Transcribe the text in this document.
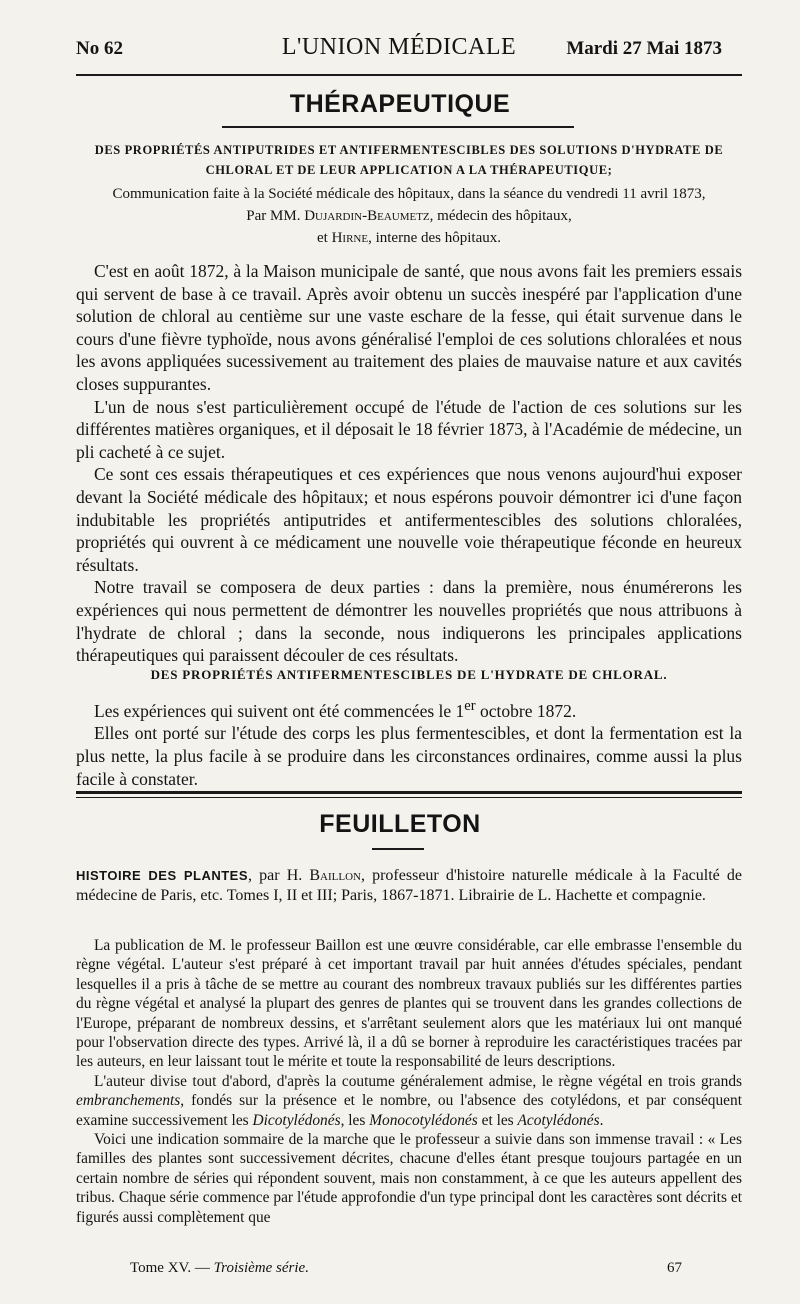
No 62	L'UNION MÉDICALE	Mardi 27 Mai 1873
THÉRAPEUTIQUE
DES PROPRIÉTÉS ANTIPUTRIDES ET ANTIFERMENTESCIBLES DES SOLUTIONS D'HYDRATE DE CHLORAL ET DE LEUR APPLICATION A LA THÉRAPEUTIQUE;
Communication faite à la Société médicale des hôpitaux, dans la séance du vendredi 11 avril 1873,
Par MM. Dujardin-Beaumetz, médecin des hôpitaux,
et Hirne, interne des hôpitaux.

C'est en août 1872, à la Maison municipale de santé, que nous avons fait les premiers essais qui servent de base à ce travail. Après avoir obtenu un succès inespéré par l'application d'une solution de chloral au centième sur une vaste eschare de la fesse, qui était survenue dans le cours d'une fièvre typhoïde, nous avons généralisé l'emploi de ces solutions chloralées et nous les avons appliquées sucessivement au traitement des plaies de mauvaise nature et aux cavités closes suppurantes.

L'un de nous s'est particulièrement occupé de l'étude de l'action de ces solutions sur les différentes matières organiques, et il déposait le 18 février 1873, à l'Académie de médecine, un pli cacheté à ce sujet.

Ce sont ces essais thérapeutiques et ces expériences que nous venons aujourd'hui exposer devant la Société médicale des hôpitaux; et nous espérons pouvoir démontrer ici d'une façon indubitable les propriétés antiputrides et antifermentescibles des solutions chloralées, propriétés qui ouvrent à ce médicament une nouvelle voie thérapeutique féconde en heureux résultats.

Notre travail se composera de deux parties : dans la première, nous énumérerons les expériences qui nous permettent de démontrer les nouvelles propriétés que nous attribuons à l'hydrate de chloral ; dans la seconde, nous indiquerons les principales applications thérapeutiques qui paraissent découler de ces résultats.

DES PROPRIÉTÉS ANTIFERMENTESCIBLES DE L'HYDRATE DE CHLORAL.

Les expériences qui suivent ont été commencées le 1er octobre 1872.

Elles ont porté sur l'étude des corps les plus fermentescibles, et dont la fermentation est la plus nette, la plus facile à se produire dans les circonstances ordinaires, comme aussi la plus facile à constater.

FEUILLETON
HISTOIRE DES PLANTES, par H. Baillon, professeur d'histoire naturelle médicale à la Faculté de médecine de Paris, etc. Tomes I, II et III; Paris, 1867-1871. Librairie de L. Hachette et compagnie.

La publication de M. le professeur Baillon est une œuvre considérable, car elle embrasse l'ensemble du règne végétal. L'auteur s'est préparé à cet important travail par huit années d'études spéciales, pendant lesquelles il a pris à tâche de se mettre au courant des nombreux travaux publiés sur les différentes parties du règne végétal et analysé la plupart des genres de plantes qui se trouvent dans les grandes collections de l'Europe, préparant de nombreux dessins, et s'arrêtant seulement alors que les matériaux lui ont manqué pour l'observation directe des types. Arrivé là, il a dû se borner à reproduire les caractéristiques tracées par les auteurs, en leur laissant tout le mérite et toute la responsabilité de leurs descriptions.

L'auteur divise tout d'abord, d'après la coutume généralement admise, le règne végétal en trois grands embranchements, fondés sur la présence et le nombre, ou l'absence des cotylédons, et par conséquent examine successivement les Dicotylédonés, les Monocotylédonés et les Acotylédonés.

Voici une indication sommaire de la marche que le professeur a suivie dans son immense travail : « Les familles des plantes sont successivement décrites, chacune d'elles étant presque toujours partagée en un certain nombre de séries qui répondent souvent, mais non constamment, à ce que les auteurs appellent des tribus. Chaque série commence par l'étude approfondie d'un type principal dont les caractères sont décrits et figurés aussi complètement que

Tome XV. — Troisième série.	67
